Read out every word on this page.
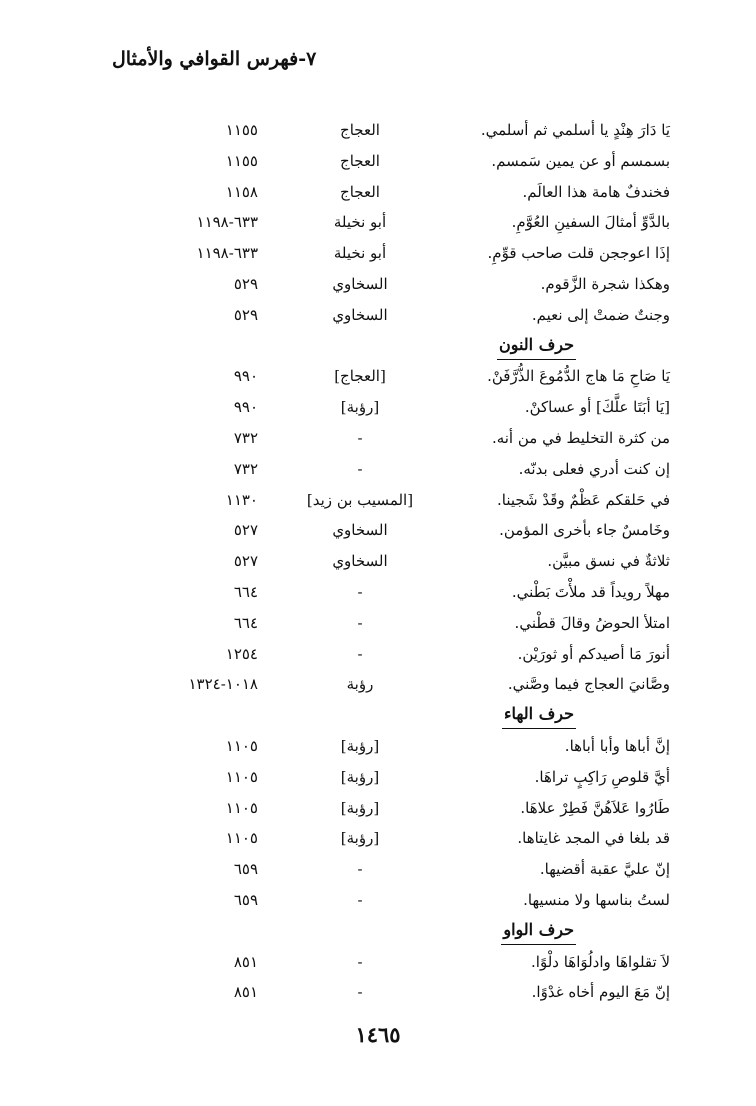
٧-فهرس القوافي والأمثال
يَا دَارَ هِنْدٍ يا أسلمي ثم أسلمي.
العجاج
١١٥٥
بسمسم أو عن يمين سَمسم.
العجاج
١١٥٥
فخندفٌ هامة هذا العالَم.
العجاج
١١٥٨
بالدَّوِّ أمثالَ السفينِ العُوَّمِ.
أبو نخيلة
٦٣٣-١١٩٨
إذَا اعوججن قلت صاحب قوِّمِ.
أبو نخيلة
٦٣٣-١١٩٨
وهكذا شجرة الزَّقوم.
السخاوي
٥٢٩
وجنتٌ ضمتْ إلى نعيم.
السخاوي
٥٢٩
حرف النون
يَا صَاحِ مَا هاج الدُّمُوعَ الذُّرَّفَنْ.
[العجاج]
٩٩٠
[يَا أبَتَا علَّكَ] أو عساكنْ.
[رؤبة]
٩٩٠
من كثرة التخليط في من أنه.
-
٧٣٢
إن كنت أدري فعلى بدنّه.
-
٧٣٢
في حَلقكم عَظْمٌ وقَدْ شَجينا.
[المسيب بن زيد]
١١٣٠
وخَامسٌ جاء بأخرى المؤمن.
السخاوي
٥٢٧
ثلاثةٌ في نسق مبيَّن.
السخاوي
٥٢٧
مهلاً رويداً قد ملأْتَ بَطْني.
-
٦٦٤
امتلأ الحوضُ وقالَ قطْني.
-
٦٦٤
أنورَ مَا أصيدكم أو ثورَيْن.
-
١٢٥٤
وصَّانيَ العجاج فيما وصَّني.
رؤبة
١٠١٨-١٣٢٤
حرف الهاء
إنَّ أباها وأبا أباها.
[رؤبة]
١١٠٥
أيَّ قلوصِ رَاكِبٍ تراهَا.
[رؤبة]
١١٠٥
طَارُوا عَلاَهُنَّ فَطِرْ علاهَا.
[رؤبة]
١١٠٥
قد بلغا في المجد غايتاها.
[رؤبة]
١١٠٥
إنّ عليَّ عقبة أقضيها.
-
٦٥٩
لستُ بناسها ولا منسيها.
-
٦٥٩
حرف الواو
لاَ تقلواهَا وادلُوَاهَا دلْوًا.
-
٨٥١
إنّ مَعَ اليوم أخاه غدْوًا.
-
٨٥١
١٤٦٥
